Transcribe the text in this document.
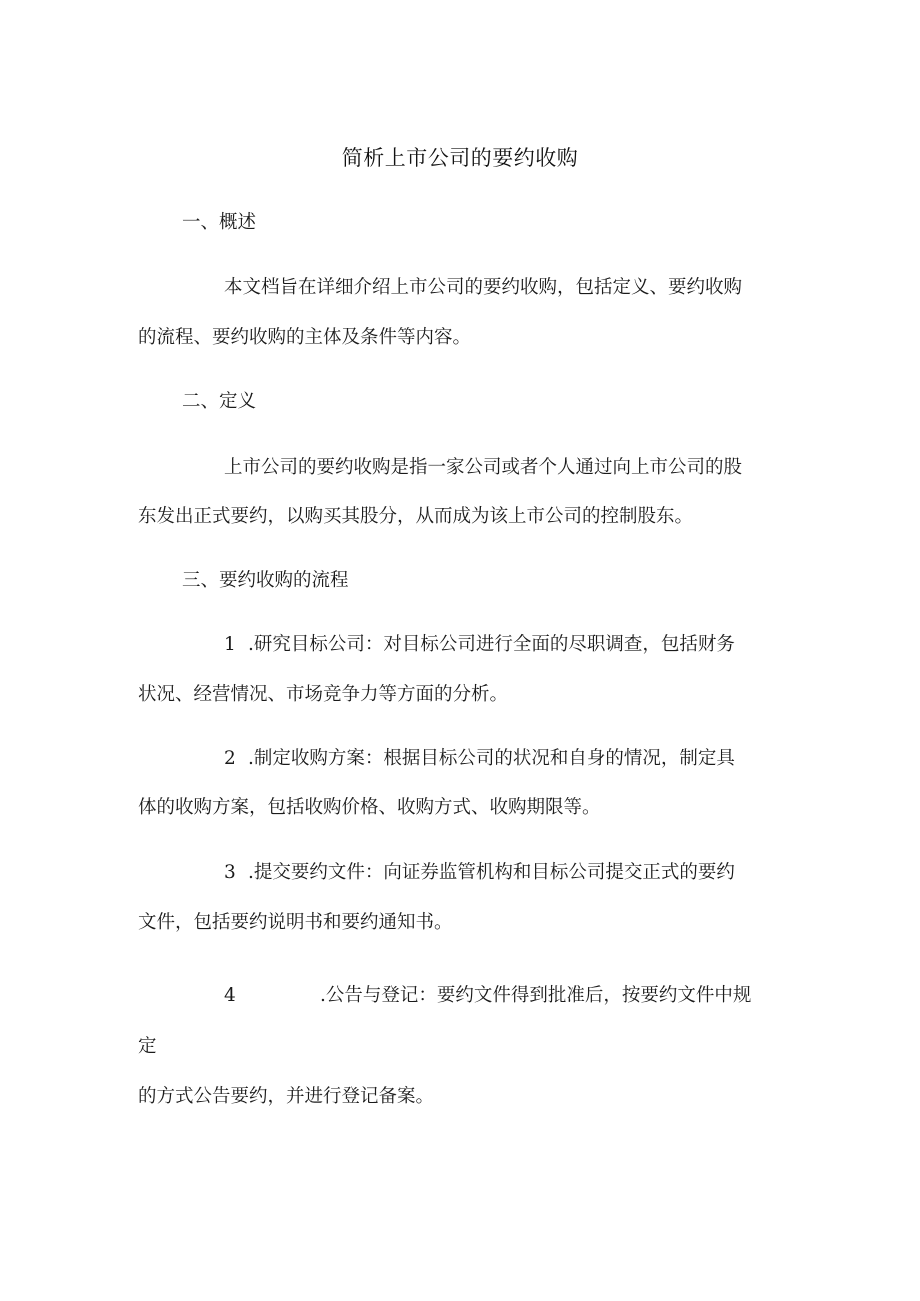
简析上市公司的要约收购
一、概述
本文档旨在详细介绍上市公司的要约收购，包括定义、要约收购
的流程、要约收购的主体及条件等内容。
二、定义
上市公司的要约收购是指一家公司或者个人通过向上市公司的股
东发出正式要约，以购买其股分，从而成为该上市公司的控制股东。
三、要约收购的流程
1 .研究目标公司：对目标公司进行全面的尽职调查，包括财务
状况、经营情况、市场竞争力等方面的分析。
2 .制定收购方案：根据目标公司的状况和自身的情况，制定具
体的收购方案，包括收购价格、收购方式、收购期限等。
3 .提交要约文件：向证券监管机构和目标公司提交正式的要约
文件，包括要约说明书和要约通知书。
4	.公告与登记：要约文件得到批准后，按要约文件中规
定
的方式公告要约，并进行登记备案。
